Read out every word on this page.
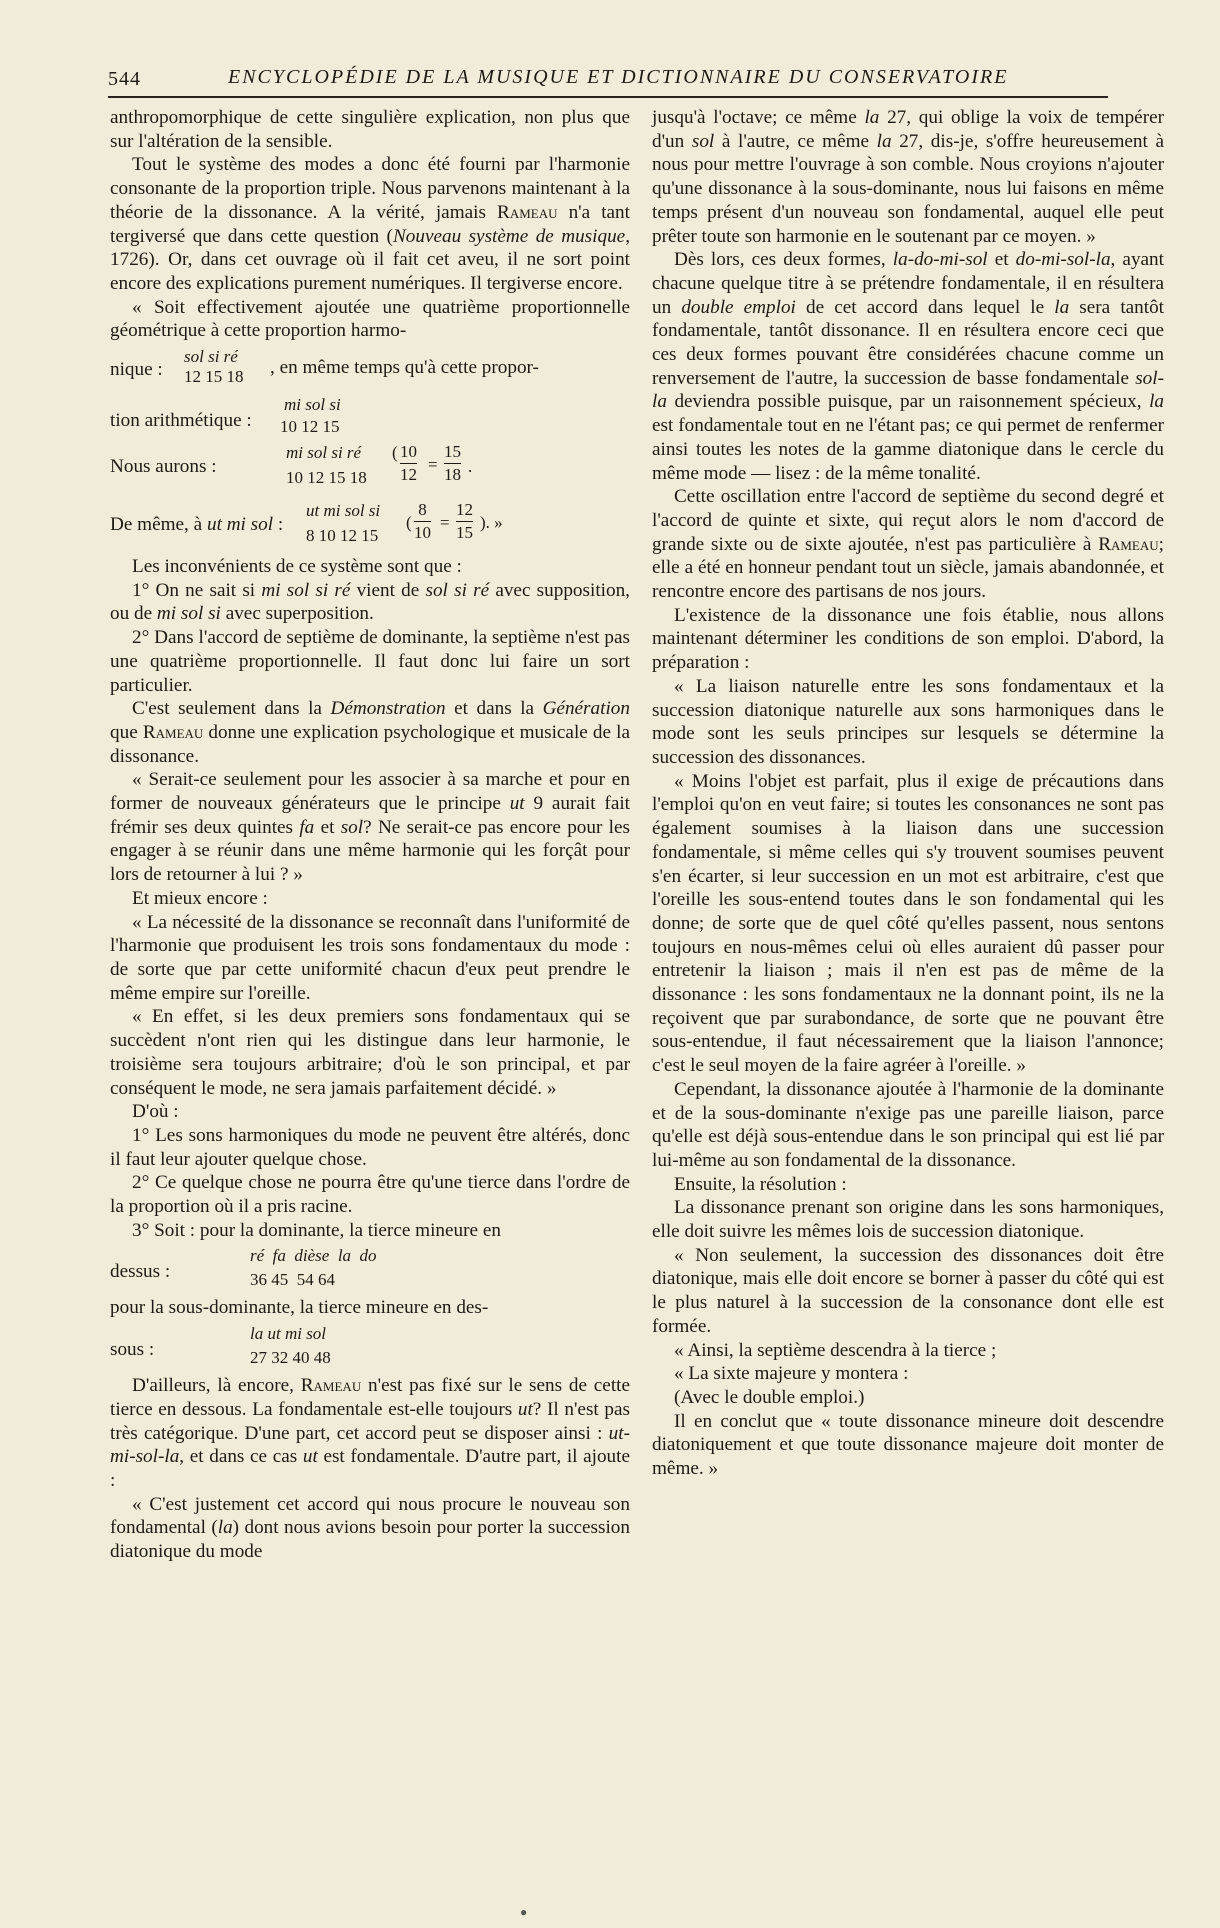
544	ENCYCLOPÉDIE DE LA MUSIQUE ET DICTIONNAIRE DU CONSERVATOIRE

anthropomorphique de cette singulière explication, non plus que sur l'altération de la sensible.

Tout le système des modes a donc été fourni par l'harmonie consonante de la proportion triple. Nous parvenons maintenant à la théorie de la dissonance. A la vérité, jamais Rameau n'a tant tergiversé que dans cette question (Nouveau système de musique, 1726). Or, dans cet ouvrage où il fait cet aveu, il ne sort point encore des explications purement numériques. Il tergiverse encore.

« Soit effectivement ajoutée une quatrième proportionnelle géométrique à cette proportion harmo-

nique :
sol si ré
12 15 18 , en même temps qu'à cette propor-
tion arithmétique :
mi sol si
10 12 15
Nous aurons :
mi sol si ré
10 12 15 18
( 10
12
=
15
18 .
De même, à ut mi sol :
ut mi sol si
8 10 12 15
(
8
10
=
12
15
). »

Les inconvénients de ce système sont que :

1° On ne sait si mi sol si ré vient de sol si ré avec supposition, ou de mi sol si avec superposition.

2° Dans l'accord de septième de dominante, la septième n'est pas une quatrième proportionnelle. Il faut donc lui faire un sort particulier.

C'est seulement dans la Démonstration et dans la Génération que Rameau donne une explication psychologique et musicale de la dissonance.

« Serait-ce seulement pour les associer à sa marche et pour en former de nouveaux générateurs que le principe ut 9 aurait fait frémir ses deux quintes fa et sol? Ne serait-ce pas encore pour les engager à se réunir dans une même harmonie qui les forçât pour lors de retourner à lui ? »

Et mieux encore :

« La nécessité de la dissonance se reconnaît dans l'uniformité de l'harmonie que produisent les trois sons fondamentaux du mode : de sorte que par cette uniformité chacun d'eux peut prendre le même empire sur l'oreille.

« En effet, si les deux premiers sons fondamentaux qui se succèdent n'ont rien qui les distingue dans leur harmonie, le troisième sera toujours arbitraire; d'où le son principal, et par conséquent le mode, ne sera jamais parfaitement décidé. »

D'où :

1° Les sons harmoniques du mode ne peuvent être altérés, donc il faut leur ajouter quelque chose.

2° Ce quelque chose ne pourra être qu'une tierce dans l'ordre de la proportion où il a pris racine.

3° Soit : pour la dominante, la tierce mineure en

dessus :
ré  fa  dièse  la  do
36 45  54 64

pour la sous-dominante, la tierce mineure en des-

sous :
la ut mi sol
27 32 40 48

D'ailleurs, là encore, Rameau n'est pas fixé sur le sens de cette tierce en dessous. La fondamentale est-elle toujours ut? Il n'est pas très catégorique. D'une part, cet accord peut se disposer ainsi : ut-mi-sol-la, et dans ce cas ut est fondamentale. D'autre part, il ajoute :

« C'est justement cet accord qui nous procure le nouveau son fondamental (la) dont nous avions besoin pour porter la succession diatonique du mode

jusqu'à l'octave; ce même la 27, qui oblige la voix de tempérer d'un sol à l'autre, ce même la 27, dis-je, s'offre heureusement à nous pour mettre l'ouvrage à son comble. Nous croyions n'ajouter qu'une dissonance à la sous-dominante, nous lui faisons en même temps présent d'un nouveau son fondamental, auquel elle peut prêter toute son harmonie en le soutenant par ce moyen. »

Dès lors, ces deux formes, la-do-mi-sol et do-mi-sol-la, ayant chacune quelque titre à se prétendre fondamentale, il en résultera un double emploi de cet accord dans lequel le la sera tantôt fondamentale, tantôt dissonance. Il en résultera encore ceci que ces deux formes pouvant être considérées chacune comme un renversement de l'autre, la succession de basse fondamentale sol-la deviendra possible puisque, par un raisonnement spécieux, la est fondamentale tout en ne l'étant pas; ce qui permet de renfermer ainsi toutes les notes de la gamme diatonique dans le cercle du même mode — lisez : de la même tonalité.

Cette oscillation entre l'accord de septième du second degré et l'accord de quinte et sixte, qui reçut alors le nom d'accord de grande sixte ou de sixte ajoutée, n'est pas particulière à Rameau; elle a été en honneur pendant tout un siècle, jamais abandonnée, et rencontre encore des partisans de nos jours.

L'existence de la dissonance une fois établie, nous allons maintenant déterminer les conditions de son emploi. D'abord, la préparation :

« La liaison naturelle entre les sons fondamentaux et la succession diatonique naturelle aux sons harmoniques dans le mode sont les seuls principes sur lesquels se détermine la succession des dissonances.

« Moins l'objet est parfait, plus il exige de précautions dans l'emploi qu'on en veut faire; si toutes les consonances ne sont pas également soumises à la liaison dans une succession fondamentale, si même celles qui s'y trouvent soumises peuvent s'en écarter, si leur succession en un mot est arbitraire, c'est que l'oreille les sous-entend toutes dans le son fondamental qui les donne; de sorte que de quel côté qu'elles passent, nous sentons toujours en nous-mêmes celui où elles auraient dû passer pour entretenir la liaison ; mais il n'en est pas de même de la dissonance : les sons fondamentaux ne la donnant point, ils ne la reçoivent que par surabondance, de sorte que ne pouvant être sous-entendue, il faut nécessairement que la liaison l'annonce; c'est le seul moyen de la faire agréer à l'oreille. »

Cependant, la dissonance ajoutée à l'harmonie de la dominante et de la sous-dominante n'exige pas une pareille liaison, parce qu'elle est déjà sous-entendue dans le son principal qui est lié par lui-même au son fondamental de la dissonance.

Ensuite, la résolution :

La dissonance prenant son origine dans les sons harmoniques, elle doit suivre les mêmes lois de succession diatonique.

« Non seulement, la succession des dissonances doit être diatonique, mais elle doit encore se borner à passer du côté qui est le plus naturel à la succession de la consonance dont elle est formée.

« Ainsi, la septième descendra à la tierce ;

« La sixte majeure y montera :

(Avec le double emploi.)

Il en conclut que « toute dissonance mineure doit descendre diatoniquement et que toute dissonance majeure doit monter de même. »

●
